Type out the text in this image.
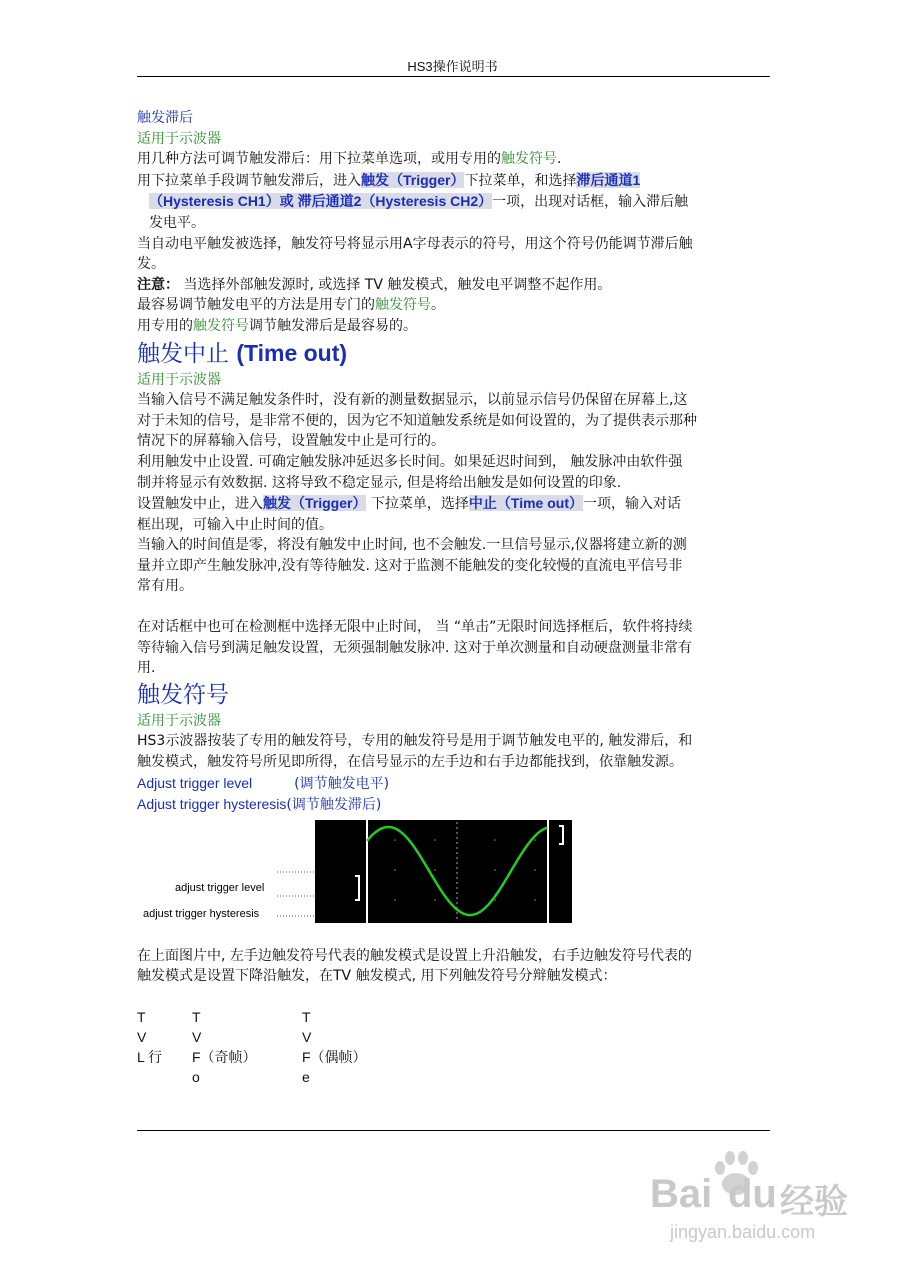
HS3操作说明书

触发滞后

适用于示波器

用几种方法可调节触发滞后：用下拉菜单选项，或用专用的触发符号.

用下拉菜单手段调节触发滞后，进入触发（Trigger）下拉菜单，和选择滞后通道1

（Hysteresis CH1）或 滞后通道2（Hysteresis CH2）一项，出现对话框，输入滞后触

发电平。

当自动电平触发被选择，触发符号将显示用A字母表示的符号，用这个符号仍能调节滞后触

发。

注意： 当选择外部触发源时, 或选择 TV 触发模式，触发电平调整不起作用。

最容易调节触发电平的方法是用专门的触发符号。

用专用的触发符号调节触发滞后是最容易的。

触发中止 (Time out)

适用于示波器

当输入信号不满足触发条件时，没有新的测量数据显示，以前显示信号仍保留在屏幕上,这

对于未知的信号，是非常不便的，因为它不知道触发系统是如何设置的，为了提供表示那种

情况下的屏幕输入信号，设置触发中止是可行的。

利用触发中止设置. 可确定触发脉冲延迟多长时间。如果延迟时间到， 触发脉冲由软件强

制并将显示有效数据. 这将导致不稳定显示, 但是将给出触发是如何设置的印象.

设置触发中止，进入触发（Trigger） 下拉菜单，选择中止（Time out）一项，输入对话

框出现，可输入中止时间的值。

当输入的时间值是零，将没有触发中止时间, 也不会触发.一旦信号显示,仪器将建立新的测

量并立即产生触发脉冲,没有等待触发. 这对于监测不能触发的变化较慢的直流电平信号非

常有用。

在对话框中也可在检测框中选择无限中止时间， 当 “单击”无限时间选择框后，软件将持续

等待输入信号到满足触发设置，无须强制触发脉冲. 这对于单次测量和自动硬盘测量非常有

用.

触发符号

适用于示波器

HS3示波器按装了专用的触发符号，专用的触发符号是用于调节触发电平的, 触发滞后，和

触发模式，触发符号所见即所得，在信号显示的左手边和右手边都能找到，依靠触发源。

Adjust trigger level	(调节触发电平)

Adjust trigger hysteresis(调节触发滞后)

adjust trigger level
adjust trigger hysteresis

在上面图片中, 左手边触发符号代表的触发模式是设置上升沿触发，右手边触发符号代表的

触发模式是设置下降沿触发，在TV 触发模式, 用下列触发符号分辩触发模式：

T
V
L 行
T
V
F（奇帧）
o
T
V
F（偶帧）
e
Bai du 经验
jingyan.baidu.com
